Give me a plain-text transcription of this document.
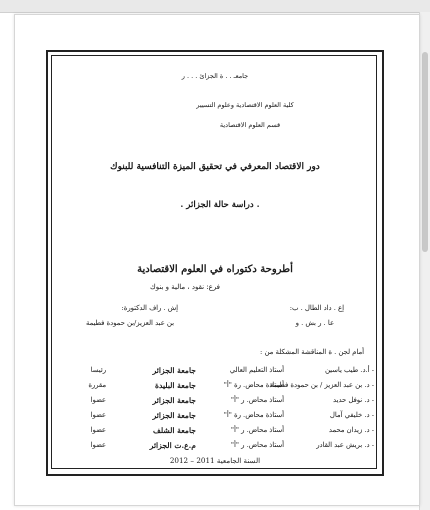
جامعـ . . ة الجزائ . . . ر
كلية العلوم الاقتصادية وعلوم التسيير
قسم العلوم الاقتصادية
دور الاقتصاد المعرفي في تحقيق الميزة التنافسية للبنوك
. دراسة حالة الجزائر .
أطروحة دكتوراه في العلوم الاقتصادية
فرع: نقود ، مالية و بنوك
إع . داد الطال . ب:
إش . راف الدكتورة:
عا . ر بش . و
بن عبد العزيز/بن حمودة فطيمة
أمام لجن . ة المناقشة المشكلة من :
- أ.د. طيب ياسين
أستاذ التعليم العالي
جامعة الجزائر
رئيسا
- د. بن عبد العزيز / بن حمودة فطيمة
أستاذة محاض. رة "أ"
جامعة البليدة
مقررة
- د. نوفل حديد
أستاذ محاض. ر "أ"
جامعة الجزائر
عضوا
- د. خليفي آمال
أستاذة محاض. رة "أ"
جامعة الجزائر
عضوا
- د. زيدان محمد
أستاذ محاض. ر "أ"
جامعة الشلف
عضوا
- د. بريش عبد القادر
أستاذ محاض. ر "أ"
م.ع.ت الجزائر
عضوا
السنة الجامعية 2011 – 2012
